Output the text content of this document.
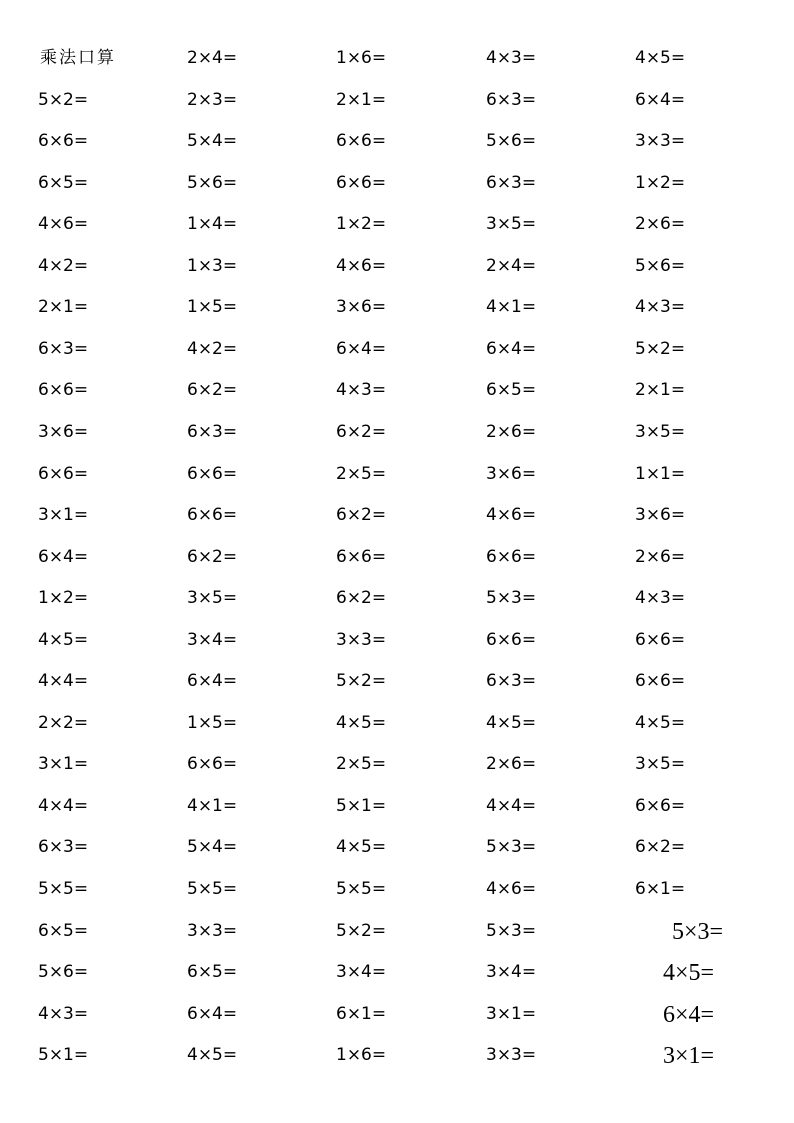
乘法口算	2×4=	1×6=	4×3=	4×5=
5×2=	2×3=	2×1=	6×3=	6×4=
6×6=	5×4=	6×6=	5×6=	3×3=
6×5=	5×6=	6×6=	6×3=	1×2=
4×6=	1×4=	1×2=	3×5=	2×6=
4×2=	1×3=	4×6=	2×4=	5×6=
2×1=	1×5=	3×6=	4×1=	4×3=
6×3=	4×2=	6×4=	6×4=	5×2=
6×6=	6×2=	4×3=	6×5=	2×1=
3×6=	6×3=	6×2=	2×6=	3×5=
6×6=	6×6=	2×5=	3×6=	1×1=
3×1=	6×6=	6×2=	4×6=	3×6=
6×4=	6×2=	6×6=	6×6=	2×6=
1×2=	3×5=	6×2=	5×3=	4×3=
4×5=	3×4=	3×3=	6×6=	6×6=
4×4=	6×4=	5×2=	6×3=	6×6=
2×2=	1×5=	4×5=	4×5=	4×5=
3×1=	6×6=	2×5=	2×6=	3×5=
4×4=	4×1=	5×1=	4×4=	6×6=
6×3=	5×4=	4×5=	5×3=	6×2=
5×5=	5×5=	5×5=	4×6=	6×1=
6×5=	3×3=	5×2=	5×3=	5×3=
5×6=	6×5=	3×4=	3×4=	4×5=
4×3=	6×4=	6×1=	3×1=	6×4=
5×1=	4×5=	1×6=	3×3=	3×1=
